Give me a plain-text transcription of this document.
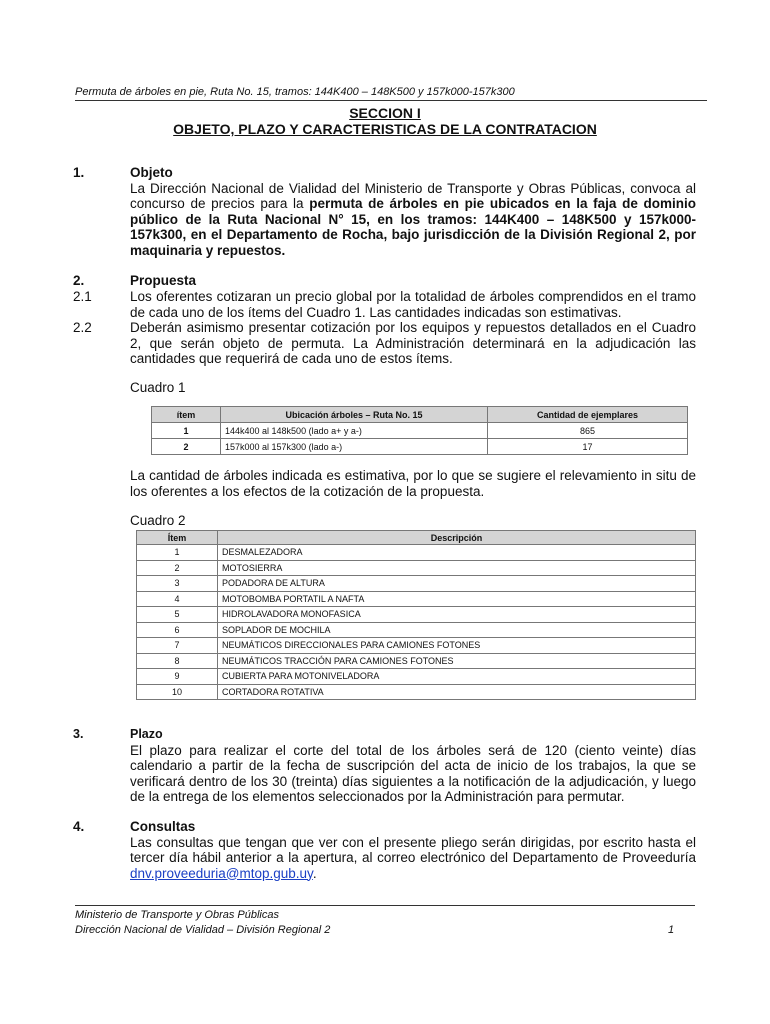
Permuta de árboles en pie, Ruta No. 15, tramos: 144K400 – 148K500 y 157k000-157k300
SECCION I
OBJETO, PLAZO Y CARACTERISTICAS DE LA CONTRATACION
1.	Objeto

La Dirección Nacional de Vialidad del Ministerio de Transporte y Obras Públicas, convoca al concurso de precios para la permuta de árboles en pie ubicados en la faja de dominio público de la Ruta Nacional N° 15, en los tramos: 144K400 – 148K500 y 157k000-157k300, en el Departamento de Rocha, bajo jurisdicción de la División Regional 2, por maquinaria y repuestos.

2.	Propuesta
2.1	Los oferentes cotizaran un precio global por la totalidad de árboles comprendidos en el tramo de cada uno de los ítems del Cuadro 1. Las cantidades indicadas son estimativas.
2.2	Deberán asimismo presentar cotización por los equipos y repuestos detallados en el Cuadro 2, que serán objeto de permuta. La Administración determinará en la adjudicación las cantidades que requerirá de cada uno de estos ítems.
Cuadro 1
ítem	Ubicación árboles – Ruta No. 15	Cantidad de ejemplares
1	144k400 al 148k500 (lado a+ y a-)	865
2	157k000 al 157k300 (lado a-)	17
La cantidad de árboles indicada es estimativa, por lo que se sugiere el relevamiento in situ de los oferentes a los efectos de la cotización de la propuesta.
Cuadro 2
Ítem	Descripción
1	DESMALEZADORA
2	MOTOSIERRA
3	PODADORA DE ALTURA
4	MOTOBOMBA PORTATIL A NAFTA
5	HIDROLAVADORA MONOFASICA
6	SOPLADOR DE MOCHILA
7	NEUMÁTICOS DIRECCIONALES PARA CAMIONES FOTONES
8	NEUMÁTICOS TRACCIÓN PARA CAMIONES FOTONES
9	CUBIERTA PARA MOTONIVELADORA
10	CORTADORA ROTATIVA
3.	Plazo

El plazo para realizar el corte del total de los árboles será de 120 (ciento veinte) días calendario a partir de la fecha de suscripción del acta de inicio de los trabajos, la que se verificará dentro de los 30 (treinta) días siguientes a la notificación de la adjudicación, y luego de la entrega de los elementos seleccionados por la Administración para permutar.

4.	Consultas

Las consultas que tengan que ver con el presente pliego serán dirigidas, por escrito hasta el tercer día hábil anterior a la apertura, al correo electrónico del Departamento de Proveeduría dnv.proveeduria@mtop.gub.uy.

Ministerio de Transporte y Obras Públicas
Dirección Nacional de Vialidad – División Regional 2	1
